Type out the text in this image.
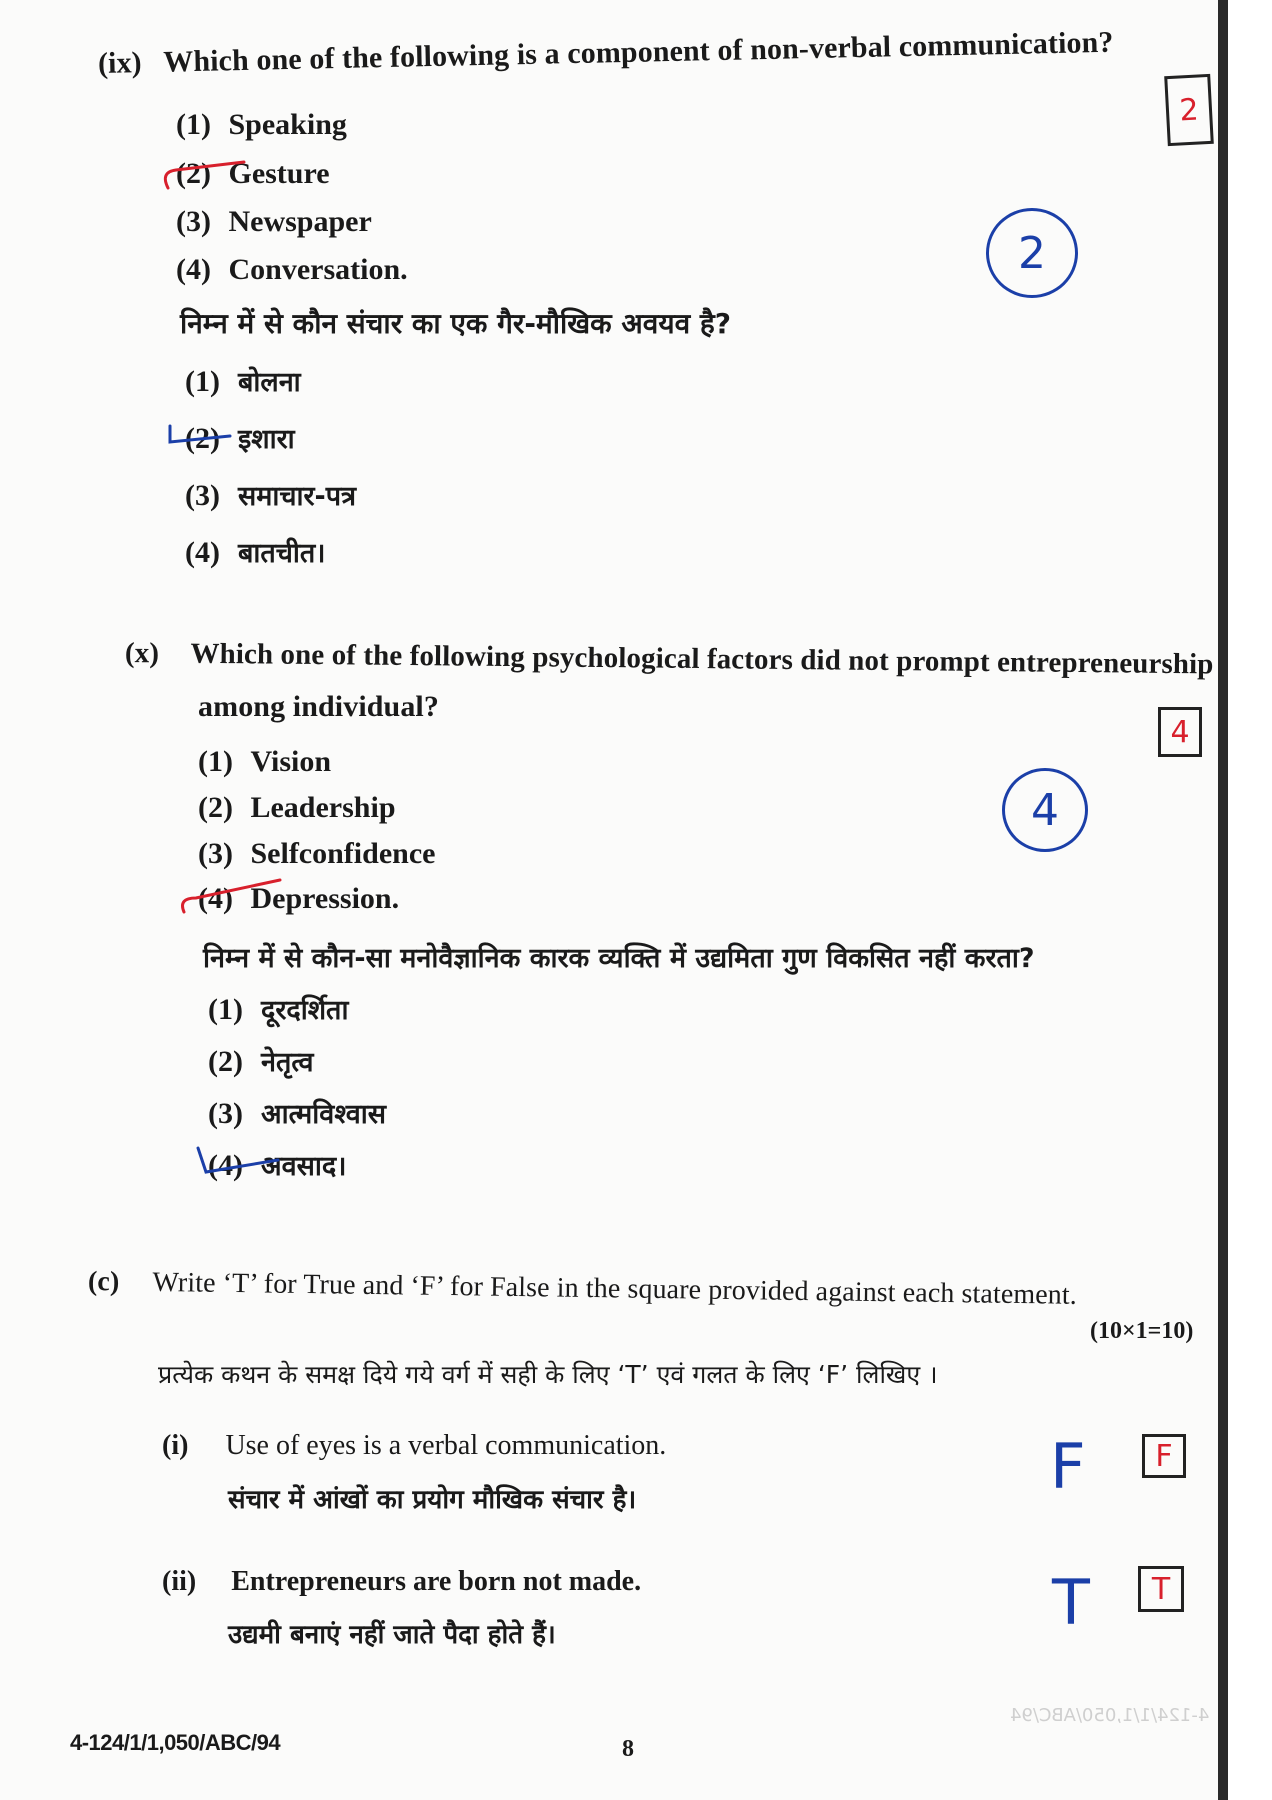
4-124/1/1,050/ABC/94
(ix) Which one of the following is a component of non-verbal communication?
2
(1) Speaking
(2) Gesture
(3) Newspaper
(4) Conversation.	2
निम्न में से कौन संचार का एक गैर-मौखिक अवयव है?
(1) बोलना
(2) इशारा
(3) समाचार-पत्र
(4) बातचीत।
(x) Which one of the following psychological factors did not prompt entrepreneurship
among individual?
4
(1) Vision
(2) Leadership
(3) Selfconfidence
(4) Depression.
4
निम्न में से कौन-सा मनोवैज्ञानिक कारक व्यक्ति में उद्यमिता गुण विकसित नहीं करता?
(1) दूरदर्शिता
(2) नेतृत्व
(3) आत्मविश्वास
(4) अवसाद।
(c) Write ‘T’ for True and ‘F’ for False in the square provided against each statement.
(10×1=10)
प्रत्येक कथन के समक्ष दिये गये वर्ग में सही के लिए ‘T’ एवं गलत के लिए ‘F’ लिखिए ।
(i) Use of eyes is a verbal communication.
संचार में आंखों का प्रयोग मौखिक संचार है।	F F
(ii) Entrepreneurs are born not made.
उद्यमी बनाएं नहीं जाते पैदा होते हैं।	T T
4-124/1/1,050/ABC/94	8
